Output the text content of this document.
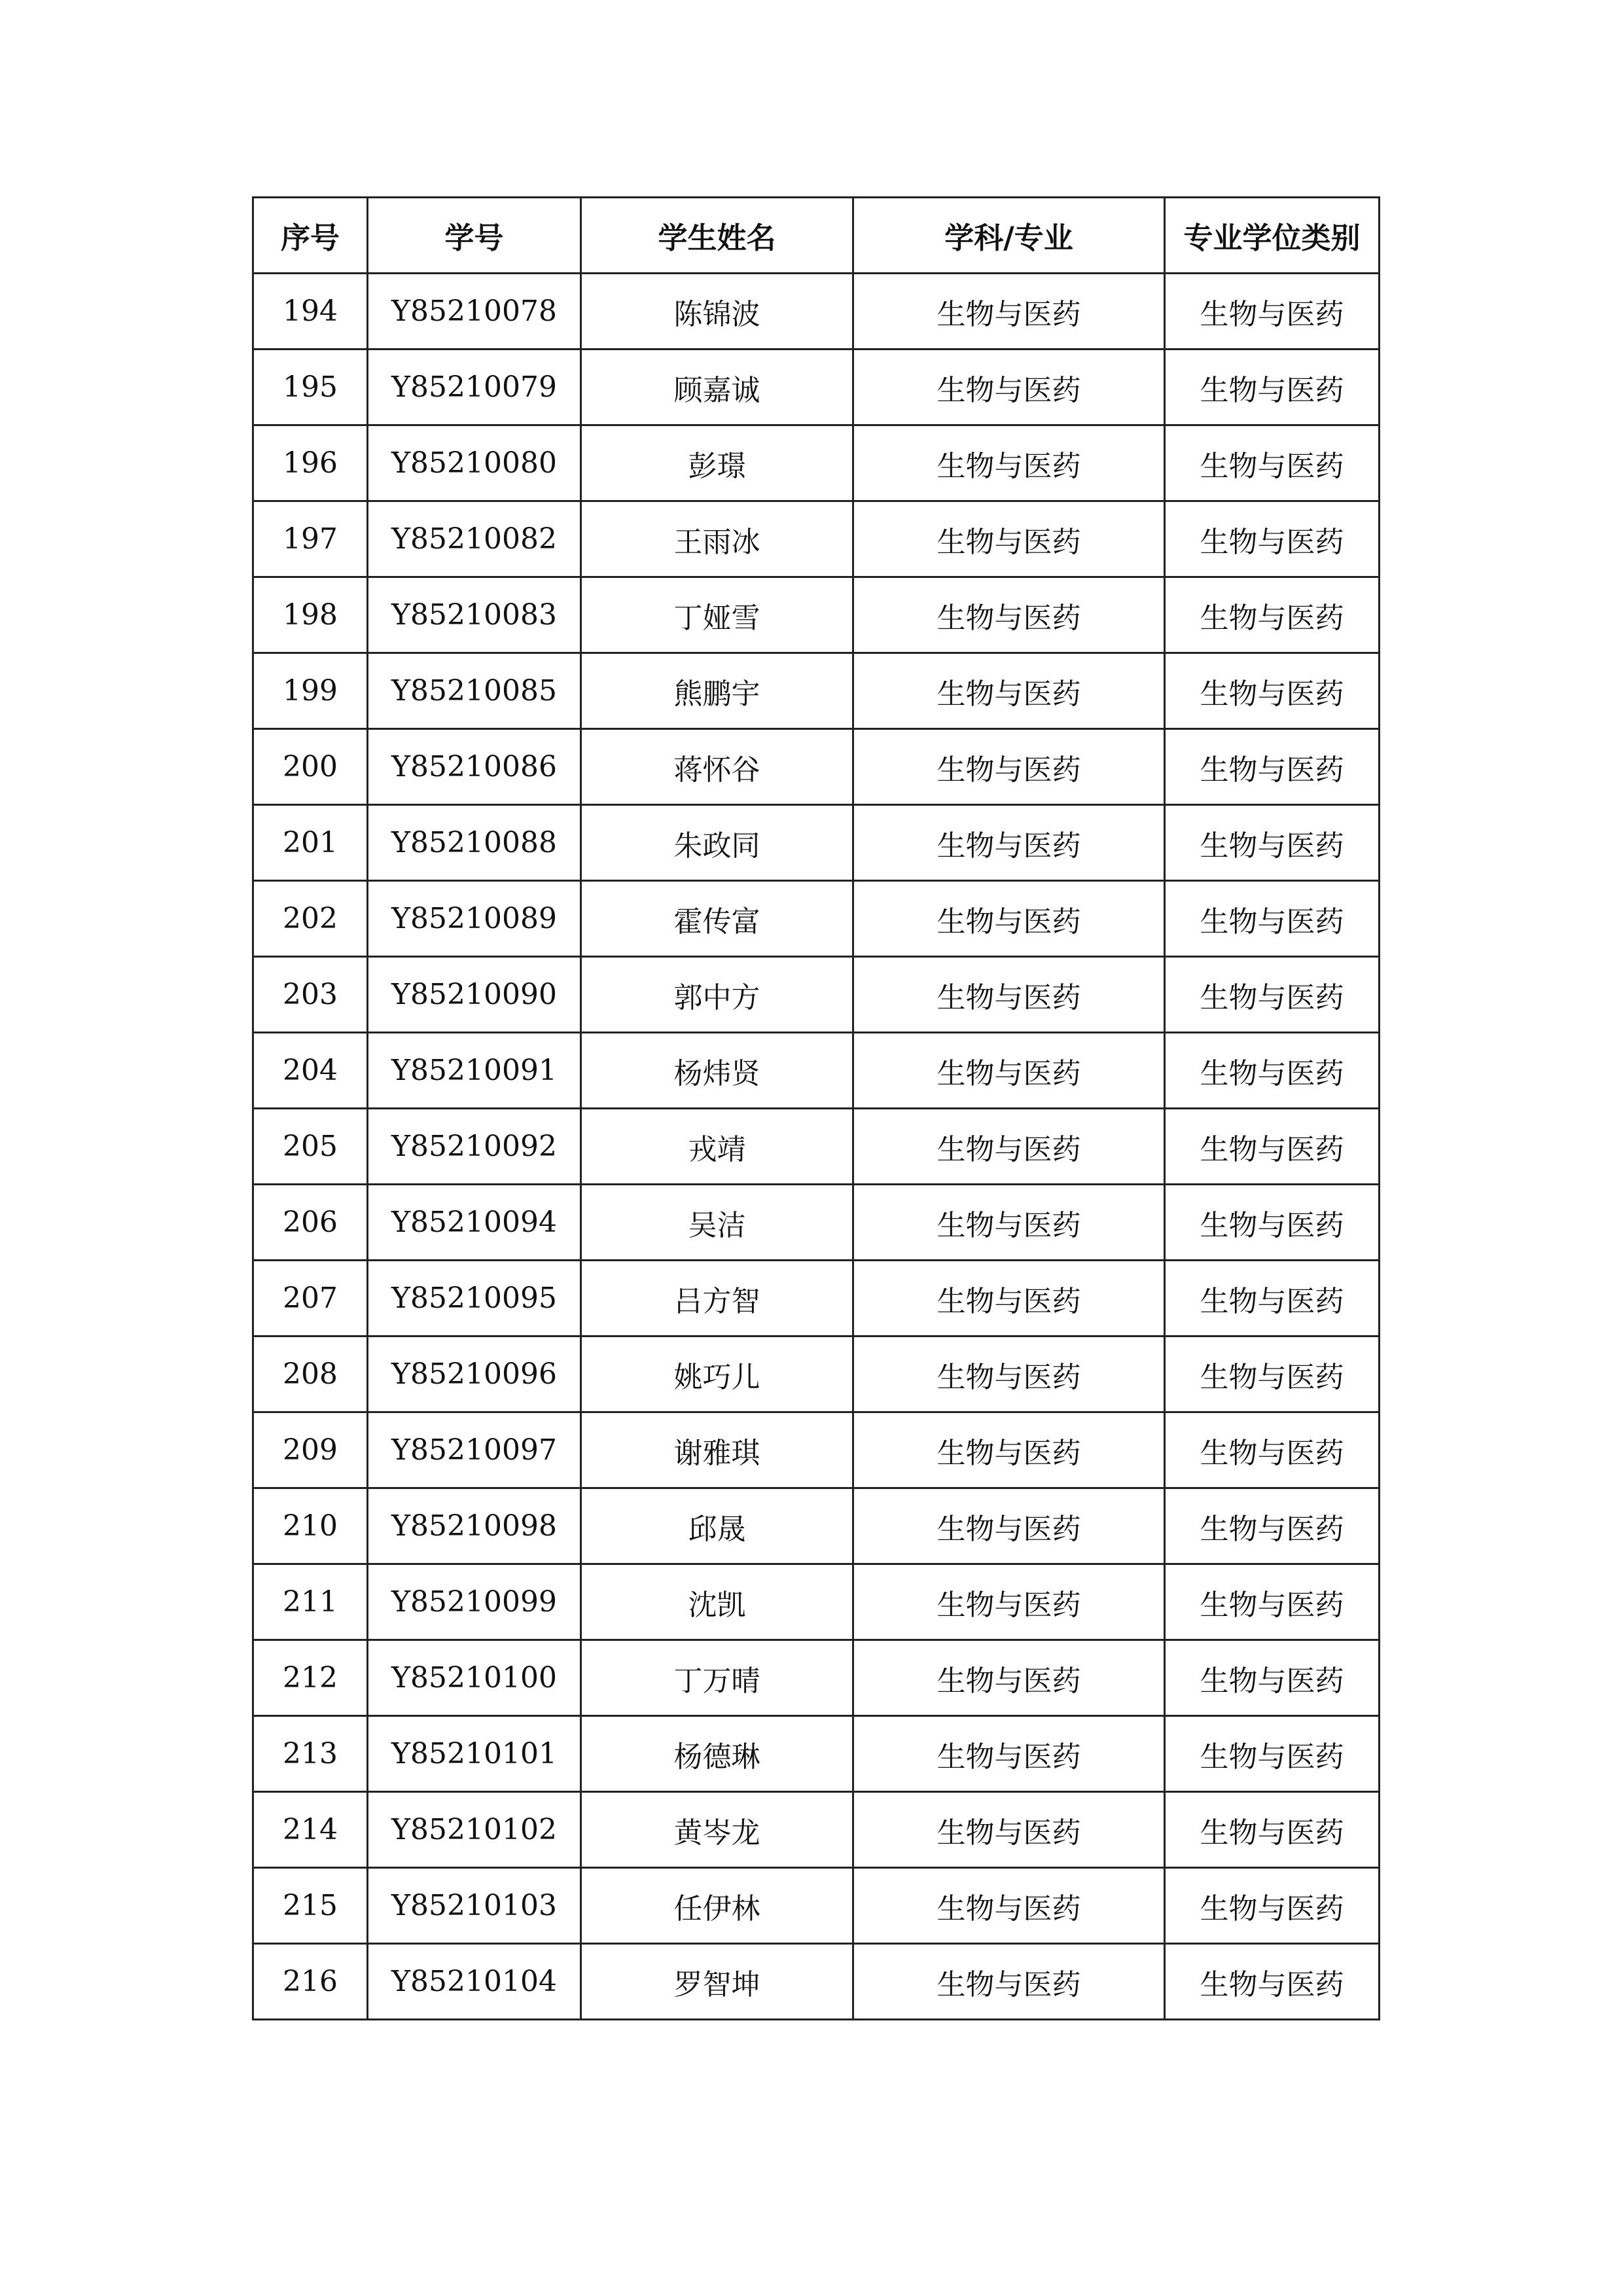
序号	学号	学生姓名	学科/专业	专业学位类别
194	Y85210078	陈锦波	生物与医药	生物与医药
195	Y85210079	顾嘉诚	生物与医药	生物与医药
196	Y85210080	彭璟	生物与医药	生物与医药
197	Y85210082	王雨冰	生物与医药	生物与医药
198	Y85210083	丁娅雪	生物与医药	生物与医药
199	Y85210085	熊鹏宇	生物与医药	生物与医药
200	Y85210086	蒋怀谷	生物与医药	生物与医药
201	Y85210088	朱政同	生物与医药	生物与医药
202	Y85210089	霍传富	生物与医药	生物与医药
203	Y85210090	郭中方	生物与医药	生物与医药
204	Y85210091	杨炜贤	生物与医药	生物与医药
205	Y85210092	戎靖	生物与医药	生物与医药
206	Y85210094	吴洁	生物与医药	生物与医药
207	Y85210095	吕方智	生物与医药	生物与医药
208	Y85210096	姚巧儿	生物与医药	生物与医药
209	Y85210097	谢雅琪	生物与医药	生物与医药
210	Y85210098	邱晟	生物与医药	生物与医药
211	Y85210099	沈凯	生物与医药	生物与医药
212	Y85210100	丁万晴	生物与医药	生物与医药
213	Y85210101	杨德琳	生物与医药	生物与医药
214	Y85210102	黄岑龙	生物与医药	生物与医药
215	Y85210103	任伊林	生物与医药	生物与医药
216	Y85210104	罗智坤	生物与医药	生物与医药
